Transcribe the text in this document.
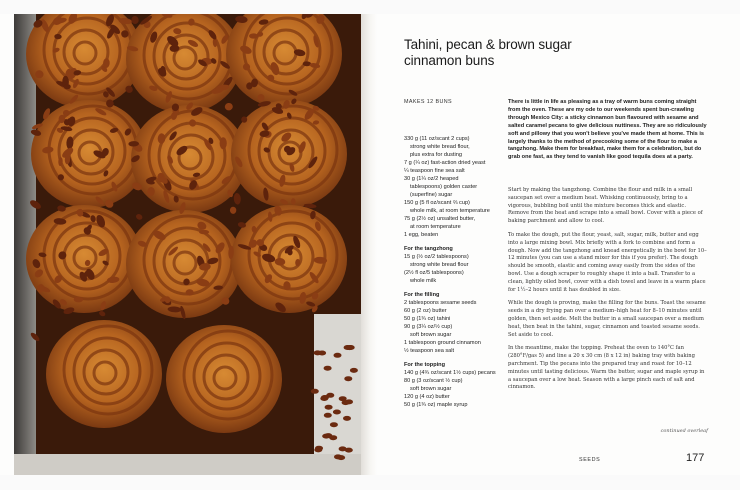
Tahini, pecan & brown sugar cinnamon buns
MAKES 12 BUNS
330 g (11 oz/scant 2 cups)
strong white bread flour,
plus extra for dusting
7 g (¼ oz) fast-action dried yeast
¼ teaspoon fine sea salt
30 g (1¼ oz/2 heaped
tablespoons) golden caster
(superfine) sugar
150 g (5 fl oz/scant ⅔ cup)
whole milk, at room temperature
75 g (2½ oz) unsalted butter,
at room temperature
1 egg, beaten
For the tangzhong
15 g (½ oz/2 tablespoons)
strong white bread flour
(2½ fl oz/5 tablespoons)
whole milk
For the filling
2 tablespoons sesame seeds
60 g (2 oz) butter
50 g (1¾ oz) tahini
90 g (3¼ oz/½ cup)
soft brown sugar
1 tablespoon ground cinnamon
½ teaspoon sea salt
For the topping
140 g (4¾ oz/scant 1½ cups) pecans
80 g (3 oz/scant ½ cup)
soft brown sugar
120 g (4 oz) butter
50 g (1¾ oz) maple syrup
There is little in life as pleasing as a tray of warm buns coming straight from the oven. These are my ode to our weekends spent bun-crawling through Mexico City: a sticky cinnamon bun flavoured with sesame and salted caramel pecans to give delicious nuttiness. They are so ridiculously soft and pillowy that you won't believe you've made them at home. This is largely thanks to the method of precooking some of the flour to make a tangzhong. Make them for breakfast, make them for a celebration, but do grab one fast, as they tend to vanish like good tequila does at a party.

Start by making the tangzhong. Combine the flour and milk in a small saucepan set over a medium heat. Whisking continuously, bring to a vigorous, bubbling boil until the mixture becomes thick and elastic. Remove from the heat and scrape into a small bowl. Cover with a piece of baking parchment and allow to cool.

To make the dough, put the flour, yeast, salt, sugar, milk, butter and egg into a large mixing bowl. Mix briefly with a fork to combine and form a dough. Now add the tangzhong and knead energetically in the bowl for 10–12 minutes (you can use a stand mixer for this if you prefer). The dough should be smooth, elastic and coming away easily from the sides of the bowl. Use a dough scraper to roughly shape it into a ball. Transfer to a clean, lightly oiled bowl, cover with a dish towel and leave in a warm place for 1½–2 hours until it has doubled in size.

While the dough is proving, make the filling for the buns. Toast the sesame seeds in a dry frying pan over a medium–high heat for 8–10 minutes until golden, then set aside. Melt the butter in a small saucepan over a medium heat, then beat in the tahini, sugar, cinnamon and toasted sesame seeds. Set aside to cool.

In the meantime, make the topping. Preheat the oven to 140°C fan (280°F/gas 5) and line a 20 x 30 cm (8 x 12 in) baking tray with baking parchment. Tip the pecans into the prepared tray and roast for 10–12 minutes until tasting delicious. Warm the butter, sugar and maple syrup in a saucepan over a low heat. Season with a large pinch each of salt and cinnamon.

continued overleaf
SEEDS	177
